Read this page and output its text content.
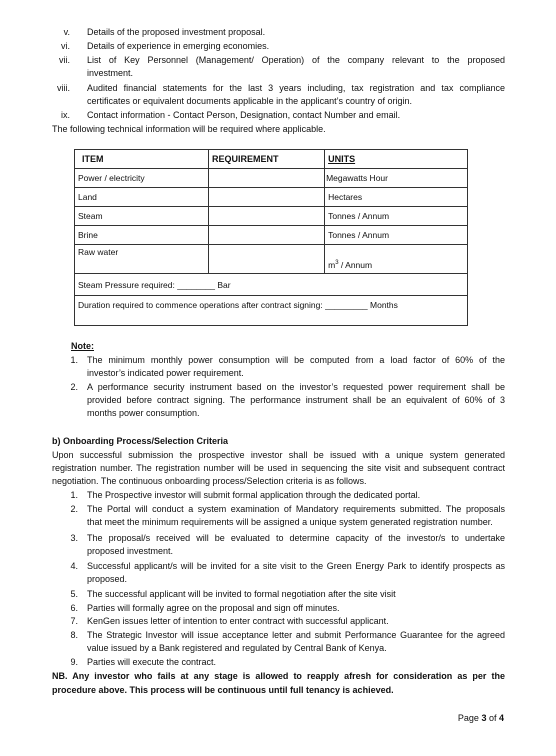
v. Details of the proposed investment proposal.
vi. Details of experience in emerging economies.
vii. List of Key Personnel (Management/ Operation) of the company relevant to the proposed
investment.
viii. Audited financial statements for the last 3 years including, tax registration and tax compliance
certificates or equivalent documents applicable in the applicant’s country of origin.
ix. Contact information - Contact Person, Designation, contact Number and email.
The following technical information will be required where applicable.
ITEM	REQUIREMENT	UNITS
Power / electricity		Megawatts Hour
Land		Hectares
Steam		Tonnes / Annum
Brine		Tonnes / Annum
Raw water		$m^3$ / Annum
Steam Pressure required: ________ Bar		
Duration required to commence operations after contract signing: _________ Months		
Note:
1. The minimum monthly power consumption will be computed from a load factor of 60% of the
investor’s indicated power requirement.
2. A performance security instrument based on the investor’s requested power requirement shall be
provided before contract signing. The performance instrument shall be an equivalent of 60% of 3
months power consumption.
b) Onboarding Process/Selection Criteria
Upon successful submission the prospective investor shall be issued with a unique system generated
registration number. The registration number will be used in sequencing the site visit and subsequent contract
negotiation. The continuous onboarding process/Selection criteria is as follows.
1. The Prospective investor will submit formal application through the dedicated portal.
2. The Portal will conduct a system examination of Mandatory requirements submitted. The proposals
that meet the minimum requirements will be assigned a unique system generated registration number.
3. The proposal/s received will be evaluated to determine capacity of the investor/s to undertake
proposed investment.
4. Successful applicant/s will be invited for a site visit to the Green Energy Park to identify prospects as
proposed.
5. The successful applicant will be invited to formal negotiation after the site visit
6. Parties will formally agree on the proposal and sign off minutes.
7. KenGen issues letter of intention to enter contract with successful applicant.
8. The Strategic Investor will issue acceptance letter and submit Performance Guarantee for the agreed
value issued by a Bank registered and regulated by Central Bank of Kenya.
9. Parties will execute the contract.
NB. Any investor who fails at any stage is allowed to reapply afresh for consideration as per the
procedure above. This process will be continuous until full tenancy is achieved.
Page 3 of 4
